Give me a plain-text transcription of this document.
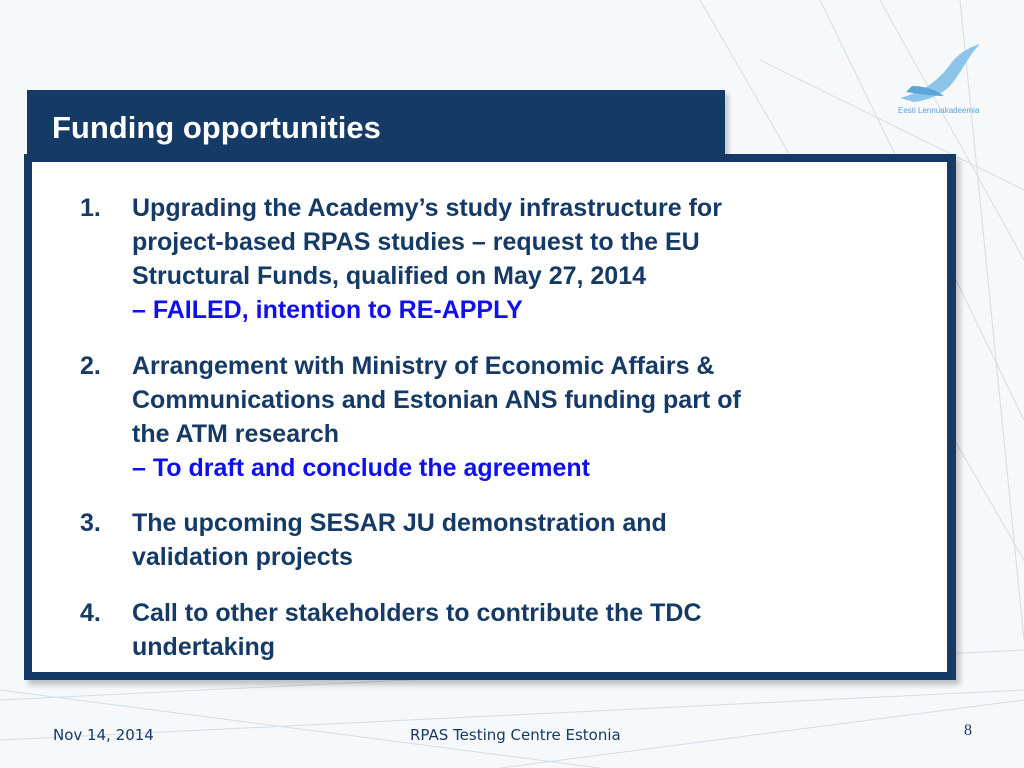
Eesti Lennuakadeemia
Funding opportunities
1.	Upgrading the Academy’s study infrastructure for
project-based RPAS studies – request to the EU
Structural Funds, qualified on May 27, 2014
– FAILED, intention to RE-APPLY
2.	Arrangement with Ministry of Economic Affairs &
Communications and Estonian ANS funding part of
the ATM research
– To draft and conclude the agreement
3.	The upcoming SESAR JU demonstration and
validation projects
4.	Call to other stakeholders to contribute the TDC
undertaking
Nov 14, 2014	RPAS Testing Centre Estonia	8
